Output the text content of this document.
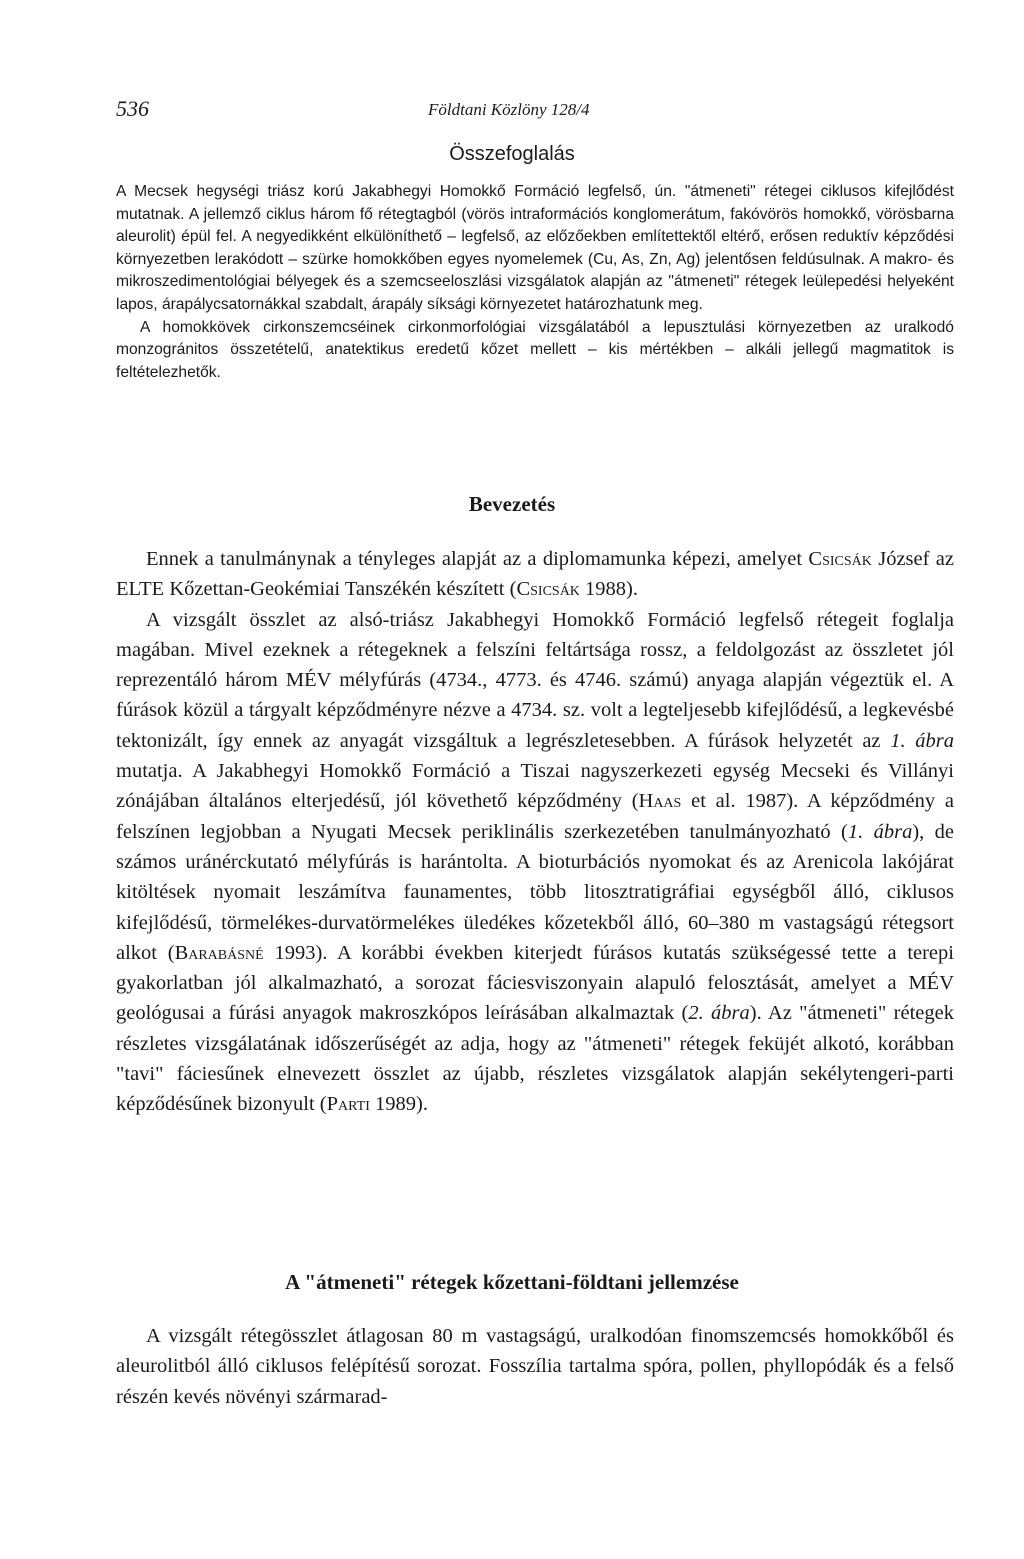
536	Földtani Közlöny 128/4
Összefoglalás

A Mecsek hegységi triász korú Jakabhegyi Homokkő Formáció legfelső, ún. "átmeneti" rétegei ciklusos kifejlődést mutatnak. A jellemző ciklus három fő rétegtagból (vörös intraformációs konglomerátum, fakóvörös homokkő, vörösbarna aleurolit) épül fel. A negyedikként elkülöníthető – legfelső, az előzőekben említettektől eltérő, erősen reduktív képződési környezetben lerakódott – szürke homokkőben egyes nyomelemek (Cu, As, Zn, Ag) jelentősen feldúsulnak. A makro- és mikroszedimentológiai bélyegek és a szemcseeloszlási vizsgálatok alapján az "átmeneti" rétegek leülepedési helyeként lapos, árapálycsatornákkal szabdalt, árapály síksági környezetet határozhatunk meg.

A homokkövek cirkonszemcséinek cirkonmorfológiai vizsgálatából a lepusztulási környezetben az uralkodó monzogránitos összetételű, anatektikus eredetű kőzet mellett – kis mértékben – alkáli jellegű magmatitok is feltételezhetők.

Bevezetés

Ennek a tanulmánynak a tényleges alapját az a diplomamunka képezi, amelyet Csicsák József az ELTE Kőzettan-Geokémiai Tanszékén készített (Csicsák 1988).

A vizsgált összlet az alsó-triász Jakabhegyi Homokkő Formáció legfelső rétegeit foglalja magában. Mivel ezeknek a rétegeknek a felszíni feltártsága rossz, a feldolgozást az összletet jól reprezentáló három MÉV mélyfúrás (4734., 4773. és 4746. számú) anyaga alapján végeztük el. A fúrások közül a tárgyalt képződményre nézve a 4734. sz. volt a legteljesebb kifejlődésű, a legkevésbé tektonizált, így ennek az anyagát vizsgáltuk a legrészletesebben. A fúrások helyzetét az 1. ábra mutatja. A Jakabhegyi Homokkő Formáció a Tiszai nagyszerkezeti egység Mecseki és Villányi zónájában általános elterjedésű, jól követhető képződmény (Haas et al. 1987). A képződmény a felszínen legjobban a Nyugati Mecsek periklinális szerkezetében tanulmányozható (1. ábra), de számos uránérckutató mélyfúrás is harántolta. A bioturbációs nyomokat és az Arenicola lakójárat kitöltések nyomait leszámítva faunamentes, több litosztratigráfiai egységből álló, ciklusos kifejlődésű, törmelékes-durvatörmelékes üledékes kőzetekből álló, 60–380 m vastagságú rétegsort alkot (Barabásné 1993). A korábbi években kiterjedt fúrásos kutatás szükségessé tette a terepi gyakorlatban jól alkalmazható, a sorozat fáciesviszonyain alapuló felosztását, amelyet a MÉV geológusai a fúrási anyagok makroszkópos leírásában alkalmaztak (2. ábra). Az "átmeneti" rétegek részletes vizsgálatának időszerűségét az adja, hogy az "átmeneti" rétegek feküjét alkotó, korábban "tavi" fáciesűnek elnevezett összlet az újabb, részletes vizsgálatok alapján sekélytengeri-parti képződésűnek bizonyult (Parti 1989).

A "átmeneti" rétegek kőzettani-földtani jellemzése

A vizsgált rétegösszlet átlagosan 80 m vastagságú, uralkodóan finomszemcsés homokkőből és aleurolitból álló ciklusos felépítésű sorozat. Fosszília tartalma spóra, pollen, phyllopódák és a felső részén kevés növényi szármarad-
